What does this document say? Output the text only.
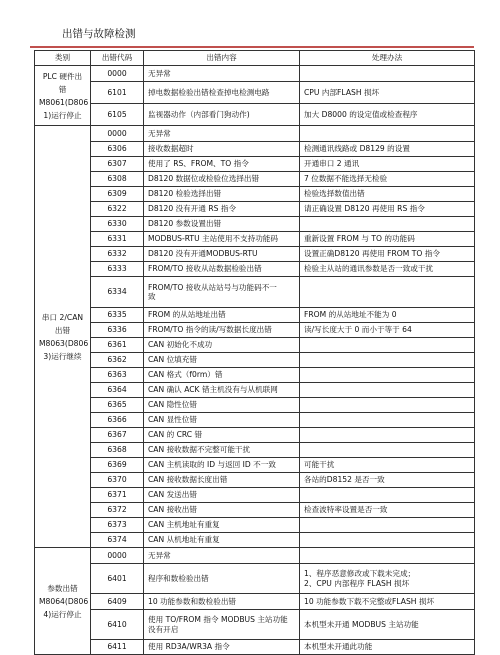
出错与故障检测
类别	出错代码	出错内容	处理办法

PLC 硬件出
错
M8061(D806
1)运行停止	0000	无异常	

	6101	掉电数据检验出错检查掉电检测电路	CPU 内部FLASH 损坏

	6105	监视器动作（内部看门狗动作)	加大 D8000 的设定值或检查程序

串口 2/CAN
出错
M8063(D806
3)运行继续	0000	无异常	

	6306	接收数据超时	检测通讯线路或 D8129 的设置

	6307	使用了 RS、FROM、TO 指令	开通串口 2 通讯

	6308	D8120 数据位或检验位选择出错	7 位数据不能选择无检验

	6309	D8120 检验选择出错	检验选择数值出错

	6322	D8120 没有开通 RS 指令	请正确设置 D8120 再使用 RS 指令

	6330	D8120 参数设置出错	

	6331	MODBUS-RTU 主站使用不支持功能码	重新设置 FROM 与 TO 的功能码

	6332	D8120 没有开通MODBUS-RTU	设置正确D8120 再使用 FROM TO 指令

	6333	FROM/TO 接收从站数据检验出错	检验主从站的通讯参数是否一致或干扰

	6334	FROM/TO 接收从站站号与功能码不一
致	

	6335	FROM 的从站地址出错	FROM 的从站地址不能为 0

	6336	FROM/TO 指令的读/写数据长度出错	读/写长度大于 0 而小于等于 64

	6361	CAN 初始化不成功	

	6362	CAN 位填充错	

	6363	CAN 格式（f0rm）错	

	6364	CAN 确认 ACK 错主机没有与从机联网	

	6365	CAN 隐性位错	

	6366	CAN 显性位错	

	6367	CAN 的 CRC 错	

	6368	CAN 接收数据不完整可能干扰	

	6369	CAN 主机读取的 ID 与返回 ID 不一致	可能干扰

	6370	CAN 接收数据长度出错	各站的D8152 是否一致

	6371	CAN 发送出错	

	6372	CAN 接收出错	检查波特率设置是否一致

	6373	CAN 主机地址有重复	

	6374	CAN 从机地址有重复	

参数出错
M8064(D806
4)运行停止	0000	无异常	

	6401	程序和数检验出错	1、程序恶意修改或下载未完成；
2、CPU 内部程序 FLASH 损坏

	6409	10 功能参数和数检验出错	10 功能参数下载不完整或FLASH 损坏

	6410	使用 TO/FROM 指令 MODBUS 主站功能
没有开启	本机型未开通 MODBUS 主站功能

	6411	使用 RD3A/WR3A 指令	本机型未开通此功能
